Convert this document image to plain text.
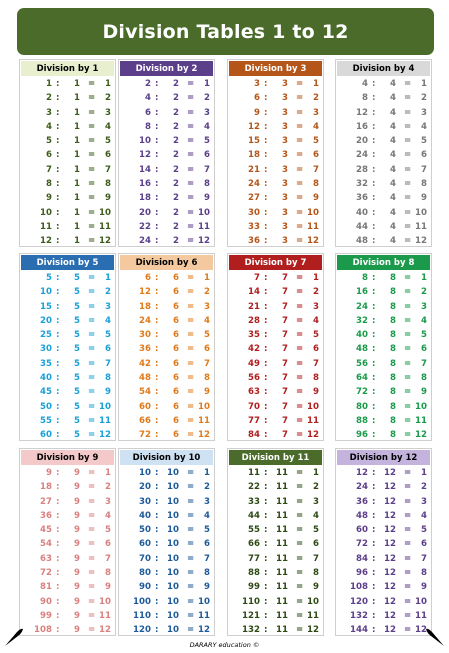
Division Tables 1 to 12
Division by 1
1 : 1 = 1
2 : 1 = 2
3 : 1 = 3
4 : 1 = 4
5 : 1 = 5
6 : 1 = 6
7 : 1 = 7
8 : 1 = 8
9 : 1 = 9
10 : 1 = 10
11 : 1 = 11
12 : 1 = 12
Division by 2
2 : 2 = 1
4 : 2 = 2
6 : 2 = 3
8 : 2 = 4
10 : 2 = 5
12 : 2 = 6
14 : 2 = 7
16 : 2 = 8
18 : 2 = 9
20 : 2 = 10
22 : 2 = 11
24 : 2 = 12
Division by 3
3 : 3 = 1
6 : 3 = 2
9 : 3 = 3
12 : 3 = 4
15 : 3 = 5
18 : 3 = 6
21 : 3 = 7
24 : 3 = 8
27 : 3 = 9
30 : 3 = 10
33 : 3 = 11
36 : 3 = 12
Division by 4
4 : 4 = 1
8 : 4 = 2
12 : 4 = 3
16 : 4 = 4
20 : 4 = 5
24 : 4 = 6
28 : 4 = 7
32 : 4 = 8
36 : 4 = 9
40 : 4 = 10
44 : 4 = 11
48 : 4 = 12
Division by 5
5 : 5 = 1
10 : 5 = 2
15 : 5 = 3
20 : 5 = 4
25 : 5 = 5
30 : 5 = 6
35 : 5 = 7
40 : 5 = 8
45 : 5 = 9
50 : 5 = 10
55 : 5 = 11
60 : 5 = 12
Division by 6
6 : 6 = 1
12 : 6 = 2
18 : 6 = 3
24 : 6 = 4
30 : 6 = 5
36 : 6 = 6
42 : 6 = 7
48 : 6 = 8
54 : 6 = 9
60 : 6 = 10
66 : 6 = 11
72 : 6 = 12
Division by 7
7 : 7 = 1
14 : 7 = 2
21 : 7 = 3
28 : 7 = 4
35 : 7 = 5
42 : 7 = 6
49 : 7 = 7
56 : 7 = 8
63 : 7 = 9
70 : 7 = 10
77 : 7 = 11
84 : 7 = 12
Division by 8
8 : 8 = 1
16 : 8 = 2
24 : 8 = 3
32 : 8 = 4
40 : 8 = 5
48 : 8 = 6
56 : 8 = 7
64 : 8 = 8
72 : 8 = 9
80 : 8 = 10
88 : 8 = 11
96 : 8 = 12
Division by 9
9 : 9 = 1
18 : 9 = 2
27 : 9 = 3
36 : 9 = 4
45 : 9 = 5
54 : 9 = 6
63 : 9 = 7
72 : 9 = 8
81 : 9 = 9
90 : 9 = 10
99 : 9 = 11
108 : 9 = 12
Division by 10
10 : 10 = 1
20 : 10 = 2
30 : 10 = 3
40 : 10 = 4
50 : 10 = 5
60 : 10 = 6
70 : 10 = 7
80 : 10 = 8
90 : 10 = 9
100 : 10 = 10
110 : 10 = 11
120 : 10 = 12
Division by 11
11 : 11 = 1
22 : 11 = 2
33 : 11 = 3
44 : 11 = 4
55 : 11 = 5
66 : 11 = 6
77 : 11 = 7
88 : 11 = 8
99 : 11 = 9
110 : 11 = 10
121 : 11 = 11
132 : 11 = 12
Division by 12
12 : 12 = 1
24 : 12 = 2
36 : 12 = 3
48 : 12 = 4
60 : 12 = 5
72 : 12 = 6
84 : 12 = 7
96 : 12 = 8
108 : 12 = 9
120 : 12 = 10
132 : 12 = 11
144 : 12 = 12
DARARY education ©
